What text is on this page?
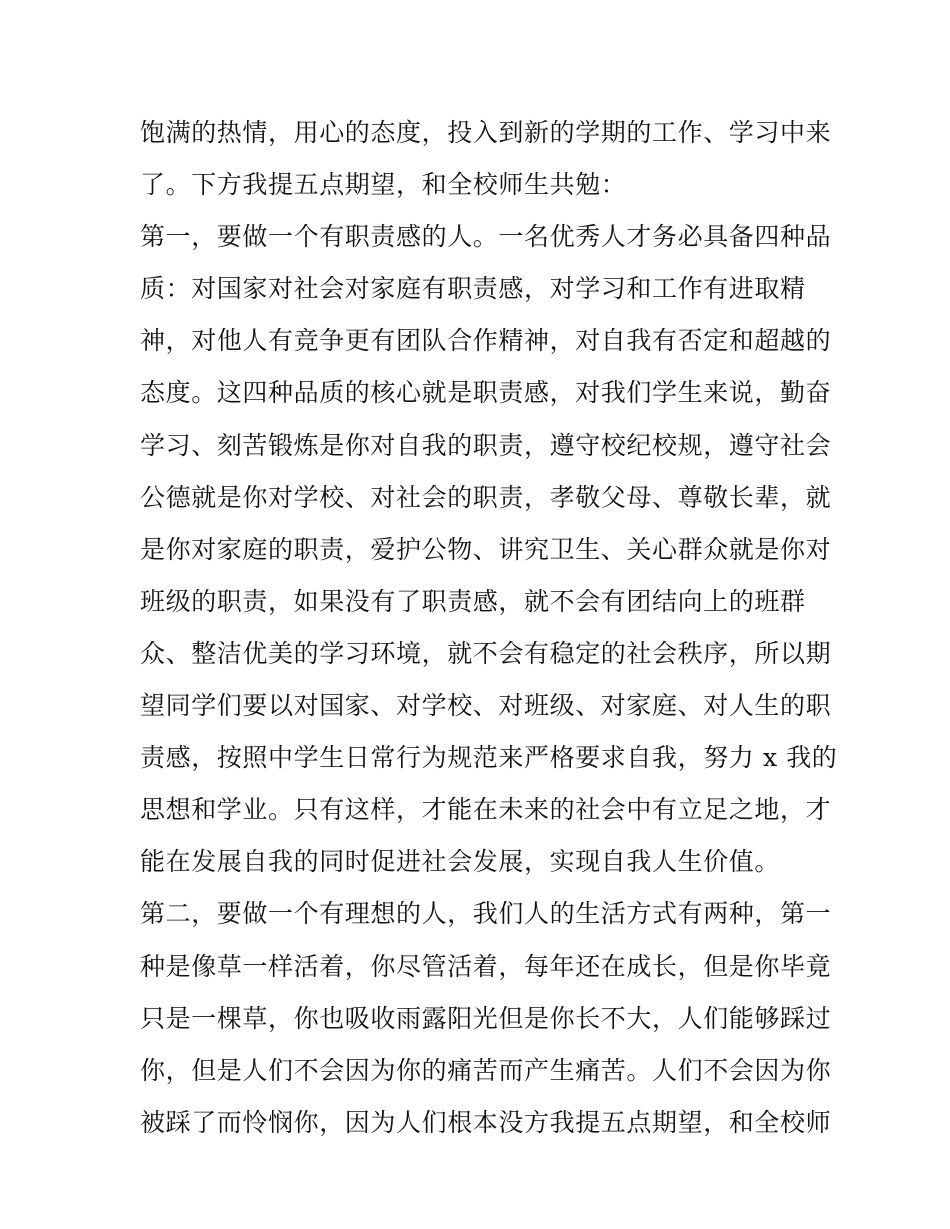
饱满的热情，用心的态度，投入到新的学期的工作、学习中来
了。下方我提五点期望，和全校师生共勉：
第一，要做一个有职责感的人。一名优秀人才务必具备四种品
质：对国家对社会对家庭有职责感，对学习和工作有进取精
神，对他人有竞争更有团队合作精神，对自我有否定和超越的
态度。这四种品质的核心就是职责感，对我们学生来说，勤奋
学习、刻苦锻炼是你对自我的职责，遵守校纪校规，遵守社会
公德就是你对学校、对社会的职责，孝敬父母、尊敬长辈，就
是你对家庭的职责，爱护公物、讲究卫生、关心群众就是你对
班级的职责，如果没有了职责感，就不会有团结向上的班群
众、整洁优美的学习环境，就不会有稳定的社会秩序，所以期
望同学们要以对国家、对学校、对班级、对家庭、对人生的职
责感，按照中学生日常行为规范来严格要求自我，努力 x 我的
思想和学业。只有这样，才能在未来的社会中有立足之地，才
能在发展自我的同时促进社会发展，实现自我人生价值。
第二，要做一个有理想的人，我们人的生活方式有两种，第一
种是像草一样活着，你尽管活着，每年还在成长，但是你毕竟
只是一棵草，你也吸收雨露阳光但是你长不大，人们能够踩过
你，但是人们不会因为你的痛苦而产生痛苦。人们不会因为你
被踩了而怜悯你，因为人们根本没方我提五点期望，和全校师
